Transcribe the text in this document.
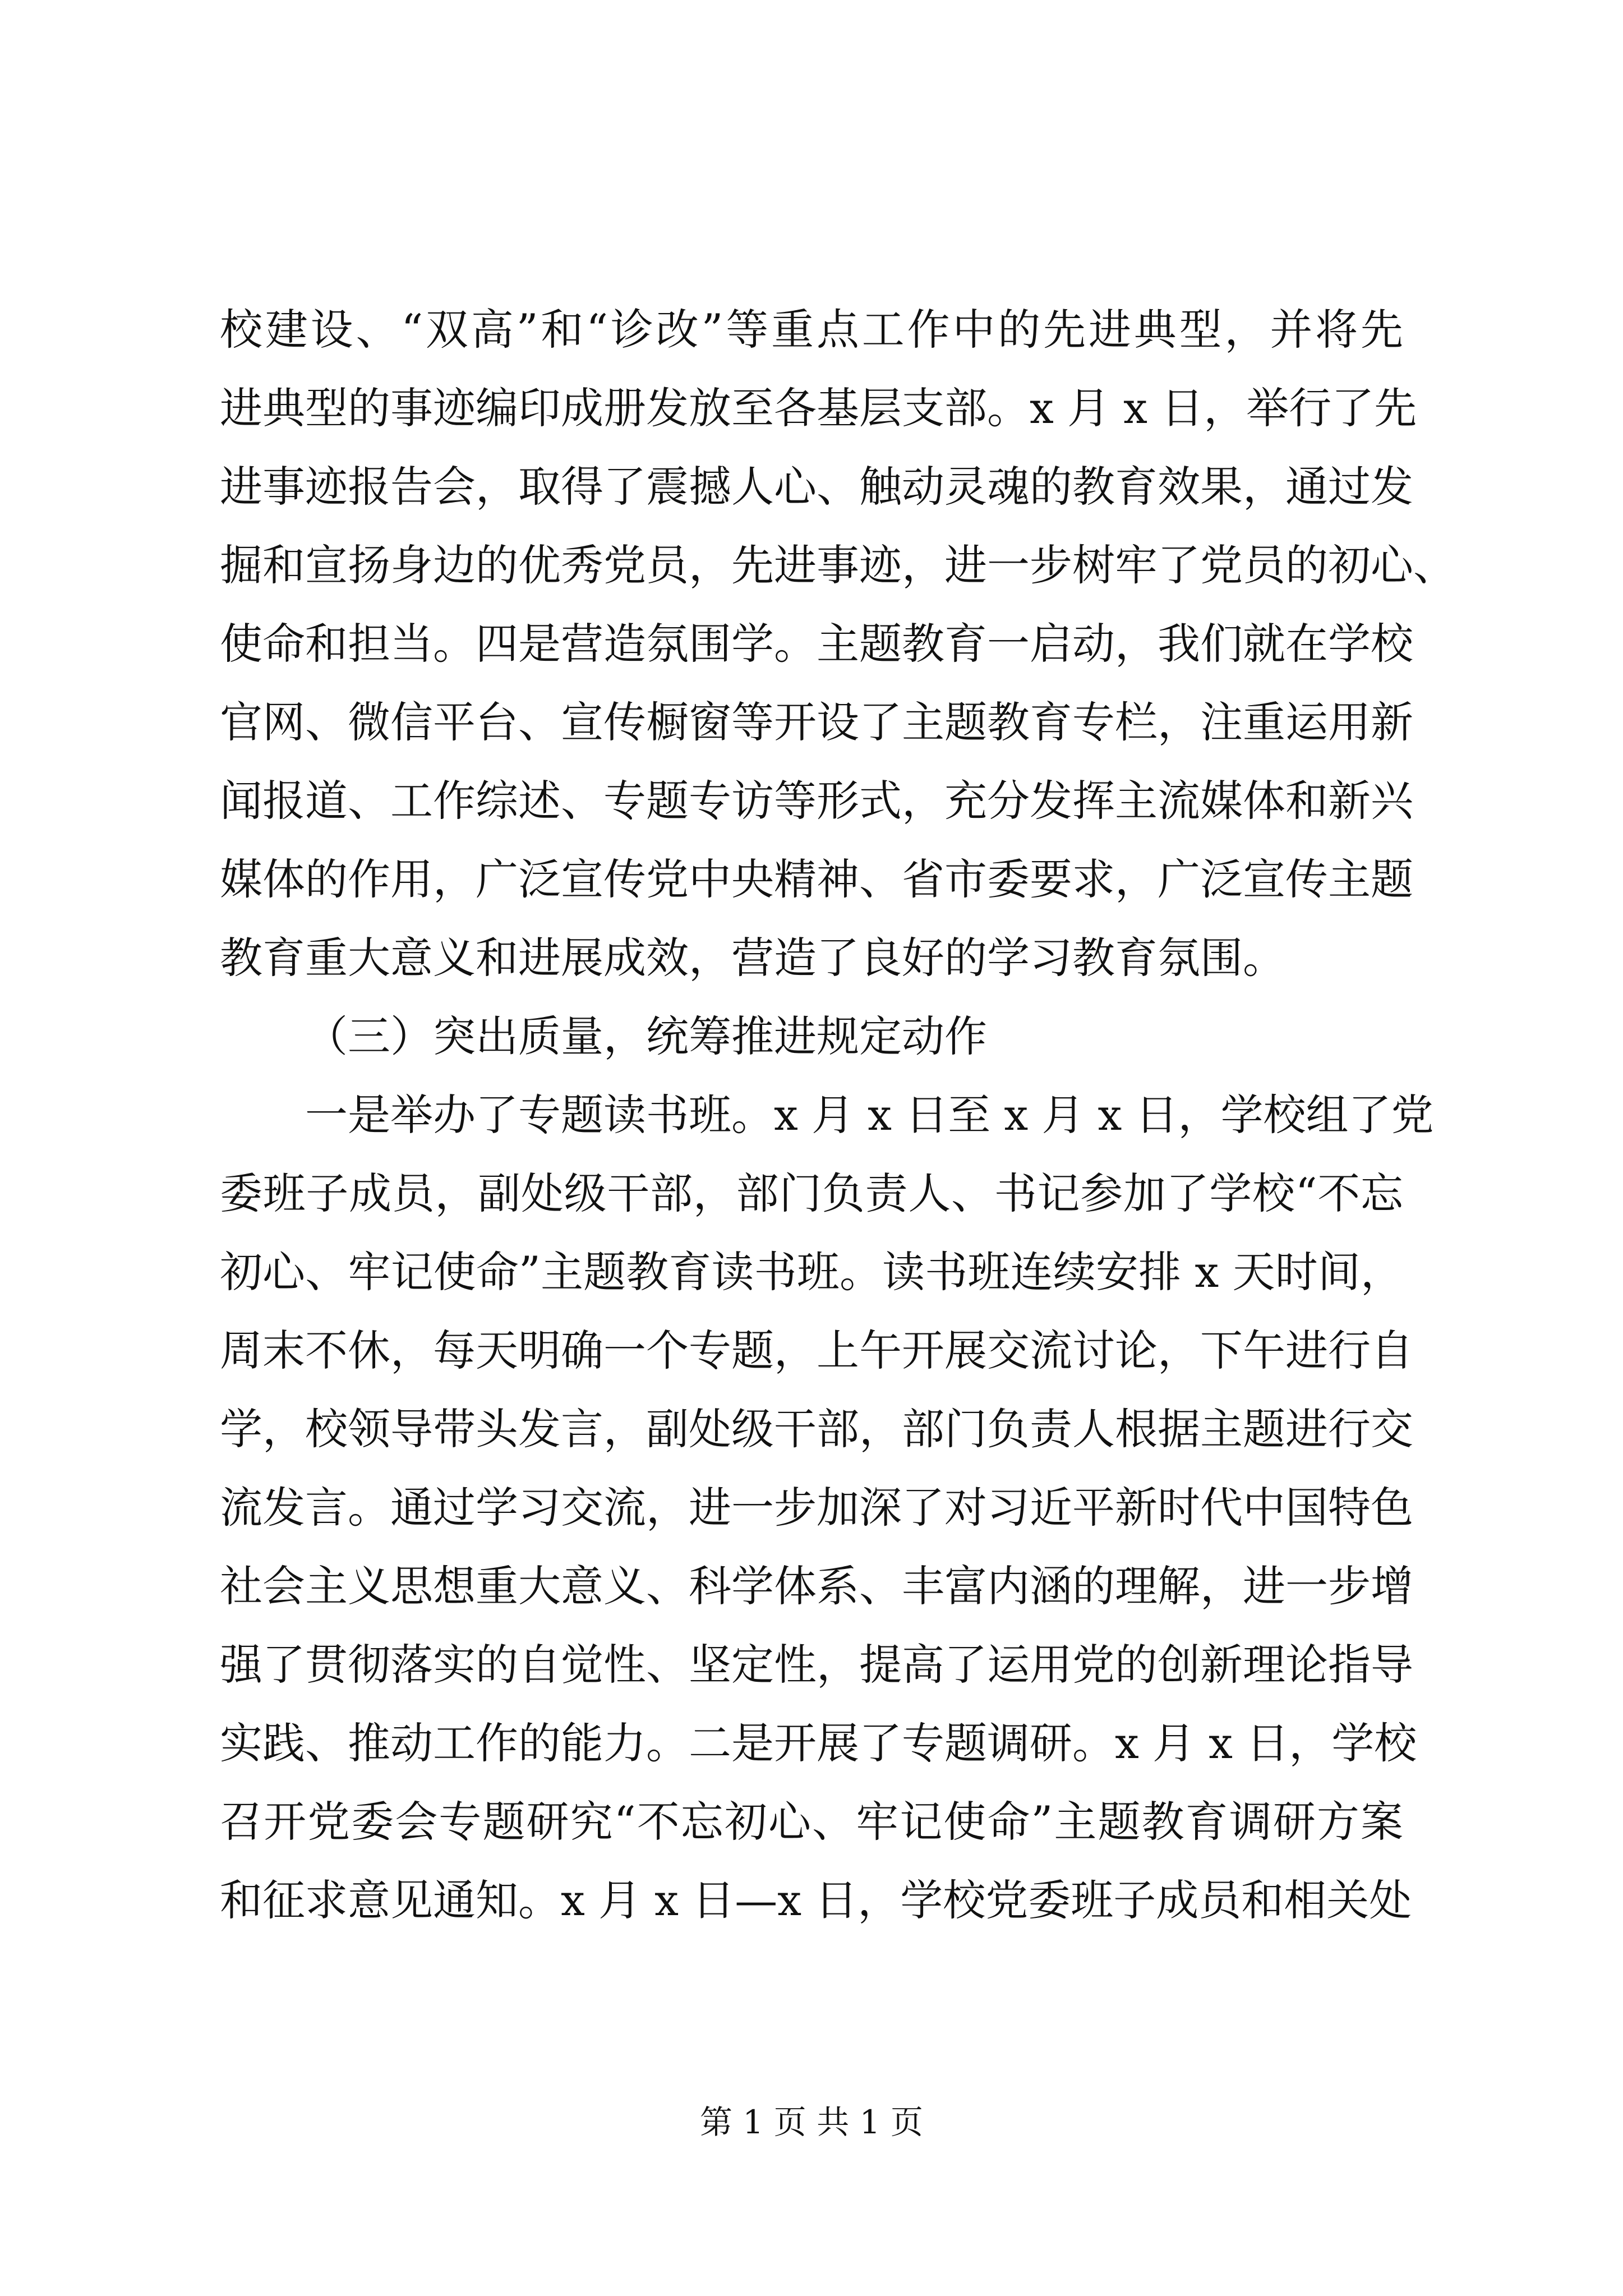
校建设、“双高”和“诊改”等重点工作中的先进典型，并将先
进典型的事迹编印成册发放至各基层支部。x 月 x 日，举行了先
进事迹报告会，取得了震撼人心、触动灵魂的教育效果，通过发
掘和宣扬身边的优秀党员，先进事迹，进一步树牢了党员的初心、
使命和担当。四是营造氛围学。主题教育一启动，我们就在学校
官网、微信平台、宣传橱窗等开设了主题教育专栏，注重运用新
闻报道、工作综述、专题专访等形式，充分发挥主流媒体和新兴
媒体的作用，广泛宣传党中央精神、省市委要求，广泛宣传主题
教育重大意义和进展成效，营造了良好的学习教育氛围。
（三）突出质量，统筹推进规定动作
一是举办了专题读书班。x 月 x 日至 x 月 x 日，学校组了党
委班子成员，副处级干部，部门负责人、书记参加了学校“不忘
初心、牢记使命”主题教育读书班。读书班连续安排 x 天时间，
周末不休，每天明确一个专题，上午开展交流讨论，下午进行自
学，校领导带头发言，副处级干部，部门负责人根据主题进行交
流发言。通过学习交流，进一步加深了对习近平新时代中国特色
社会主义思想重大意义、科学体系、丰富内涵的理解，进一步增
强了贯彻落实的自觉性、坚定性，提高了运用党的创新理论指导
实践、推动工作的能力。二是开展了专题调研。x 月 x 日，学校
召开党委会专题研究“不忘初心、牢记使命”主题教育调研方案
和征求意见通知。x 月 x 日—x 日，学校党委班子成员和相关处
第 1 页 共 1 页
